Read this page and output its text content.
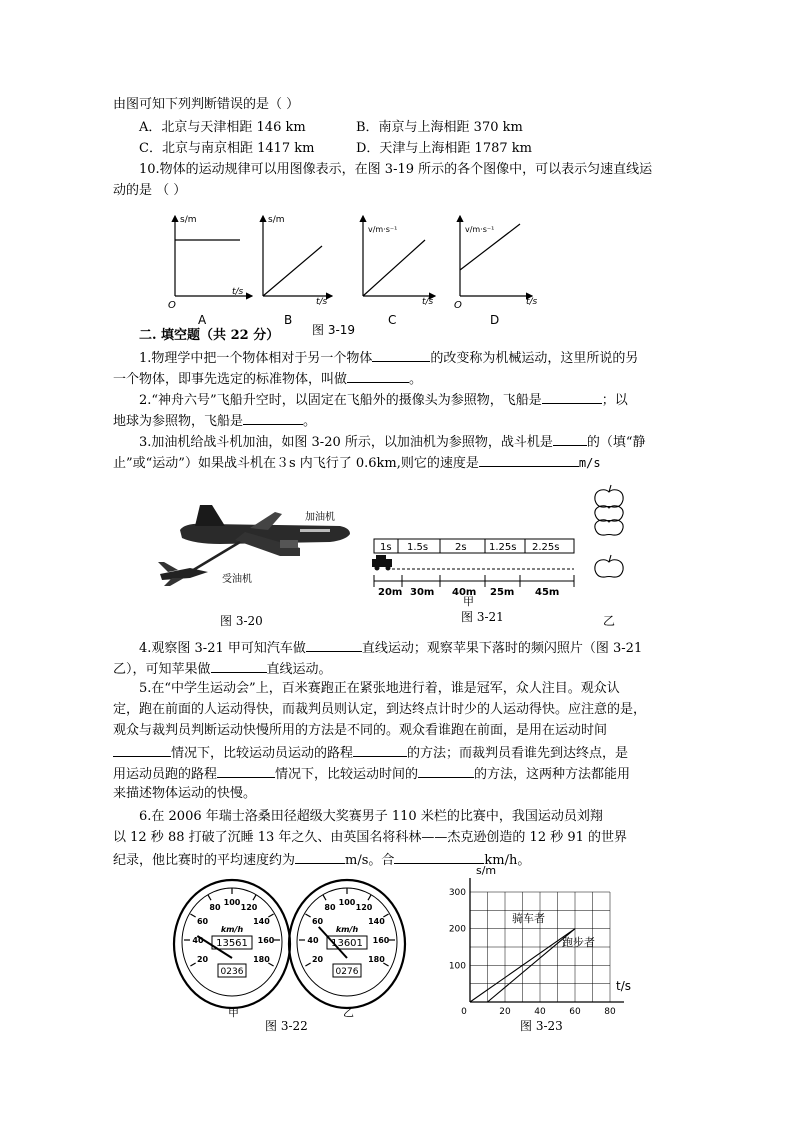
由图可知下列判断错误的是（ ）
A．北京与天津相距 146 km	B．南京与上海相距 370 km
C．北京与南京相距 1417 km	D．天津与上海相距 1787 km
10.物体的运动规律可以用图像表示，在图 3-19 所示的各个图像中，可以表示匀速直线运
动的是 （ ）
s/m
t/s
O
A
s/m
t/s
B
v/m·s⁻¹
t/s
C
v/m·s⁻¹
t/s
O
D
图 3-19
二. 填空题（共 22 分）
1.物理学中把一个物体相对于另一个物体	的改变称为机械运动，这里所说的另
一个物体，即事先选定的标准物体，叫做	。
2.“神舟六号”飞船升空时，以固定在飞船外的摄像头为参照物，飞船是	；以
地球为参照物，飞船是	。
3.加油机给战斗机加油，如图 3-20 所示，以加油机为参照物，战斗机是	的（填“静
止”或“运动”）如果战斗机在３s 内飞行了 0.6km,则它的速度是	m/s
加油机
受油机
图 3-20
1s 1.5s	2s 1.25s 2.25s
20m 30m 40m 25m 45m
甲
图 3-21	乙
4.观察图 3-21 甲可知汽车做	直线运动；观察苹果下落时的频闪照片（图 3-21
乙），可知苹果做	直线运动。
5.在“中学生运动会”上，百米赛跑正在紧张地进行着，谁是冠军，众人注目。观众认
定，跑在前面的人运动得快，而裁判员则认定，到达终点计时少的人运动得快。应注意的是，
观众与裁判员判断运动快慢所用的方法是不同的。观众看谁跑在前面，是用在运动时间
情况下，比较运动员运动的路程	的方法；而裁判员看谁先到达终点，是
用运动员跑的路程	情况下，比较运动时间的	的方法，这两种方法都能用
来描述物体运动的快慢。
6.在 2006 年瑞士洛桑田径超级大奖赛男子 110 米栏的比赛中，我国运动员刘翔
以 12 秒 88 打破了沉睡 13 年之久、由英国名将科林——杰克逊创造的 12 秒 91 的世界
纪录，他比赛时的平均速度约为	m/s。合	km/h。
20
40
60
80
100
120
140
160
180
km/h
13561
0236
20
40
60
80
100
120
140
160
180
km/h
13601
0276
甲	乙
图 3-22
20	40	60	80
100
200
300
0
s/m
t/s
骑车者
跑步者
图 3-23
